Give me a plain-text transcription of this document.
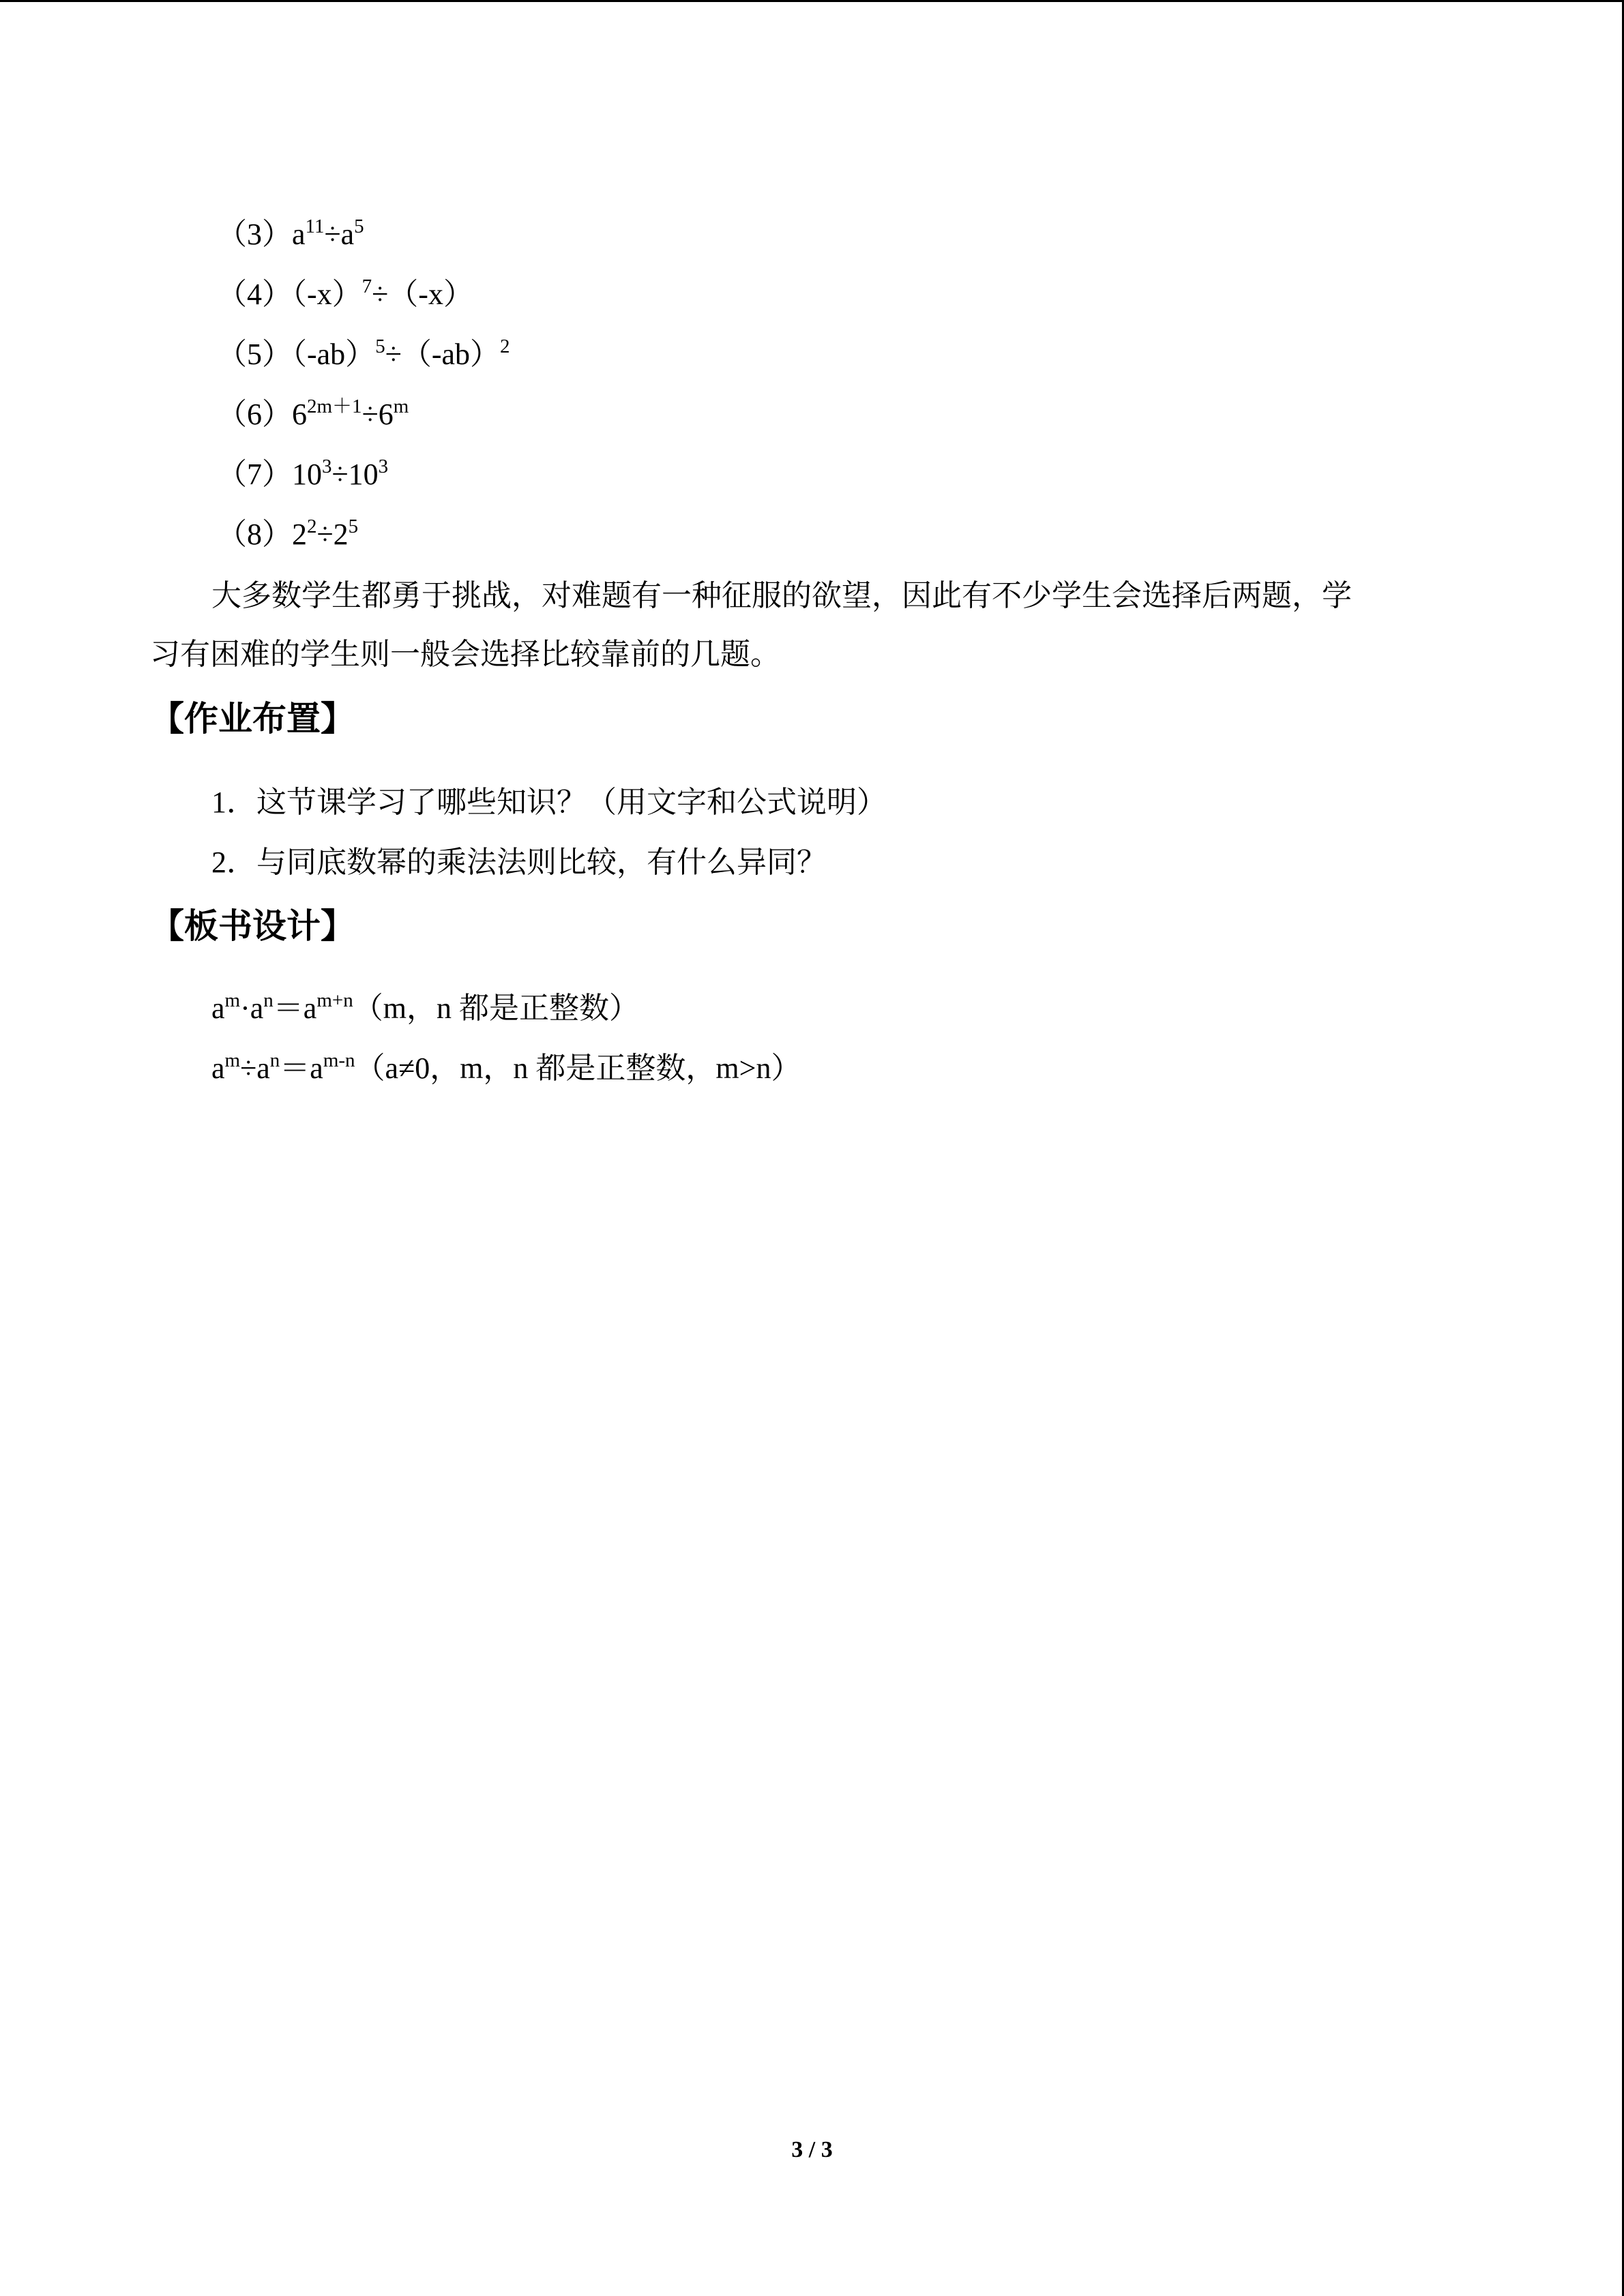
$(3)a^{11}\div a^5$
$(4)(-x)^7\div(-x)$
$(5)(-ab)^5\div(-ab)^2$
$(6)6^{2m+1}\div 6^m$
$(7)10^3\div 10^3$
$(8)2^2\div 2^5$
大多数学生都勇于挑战，对难题有一种征服的欲望，因此有不少学生会选择后两题，学
习有困难的学生则一般会选择比较靠前的几题。
【作业布置】
1．这节课学习了哪些知识？（用文字和公式说明）
2．与同底数幂的乘法法则比较，有什么异同？
【板书设计】
$a^m\cdot a^n=a^{m+n}(m$，n 都是正整数）
$a^m\div a^n=a^{m-n}(a\ne 0$，m，n 都是正整数，m>n）
3 / 3
